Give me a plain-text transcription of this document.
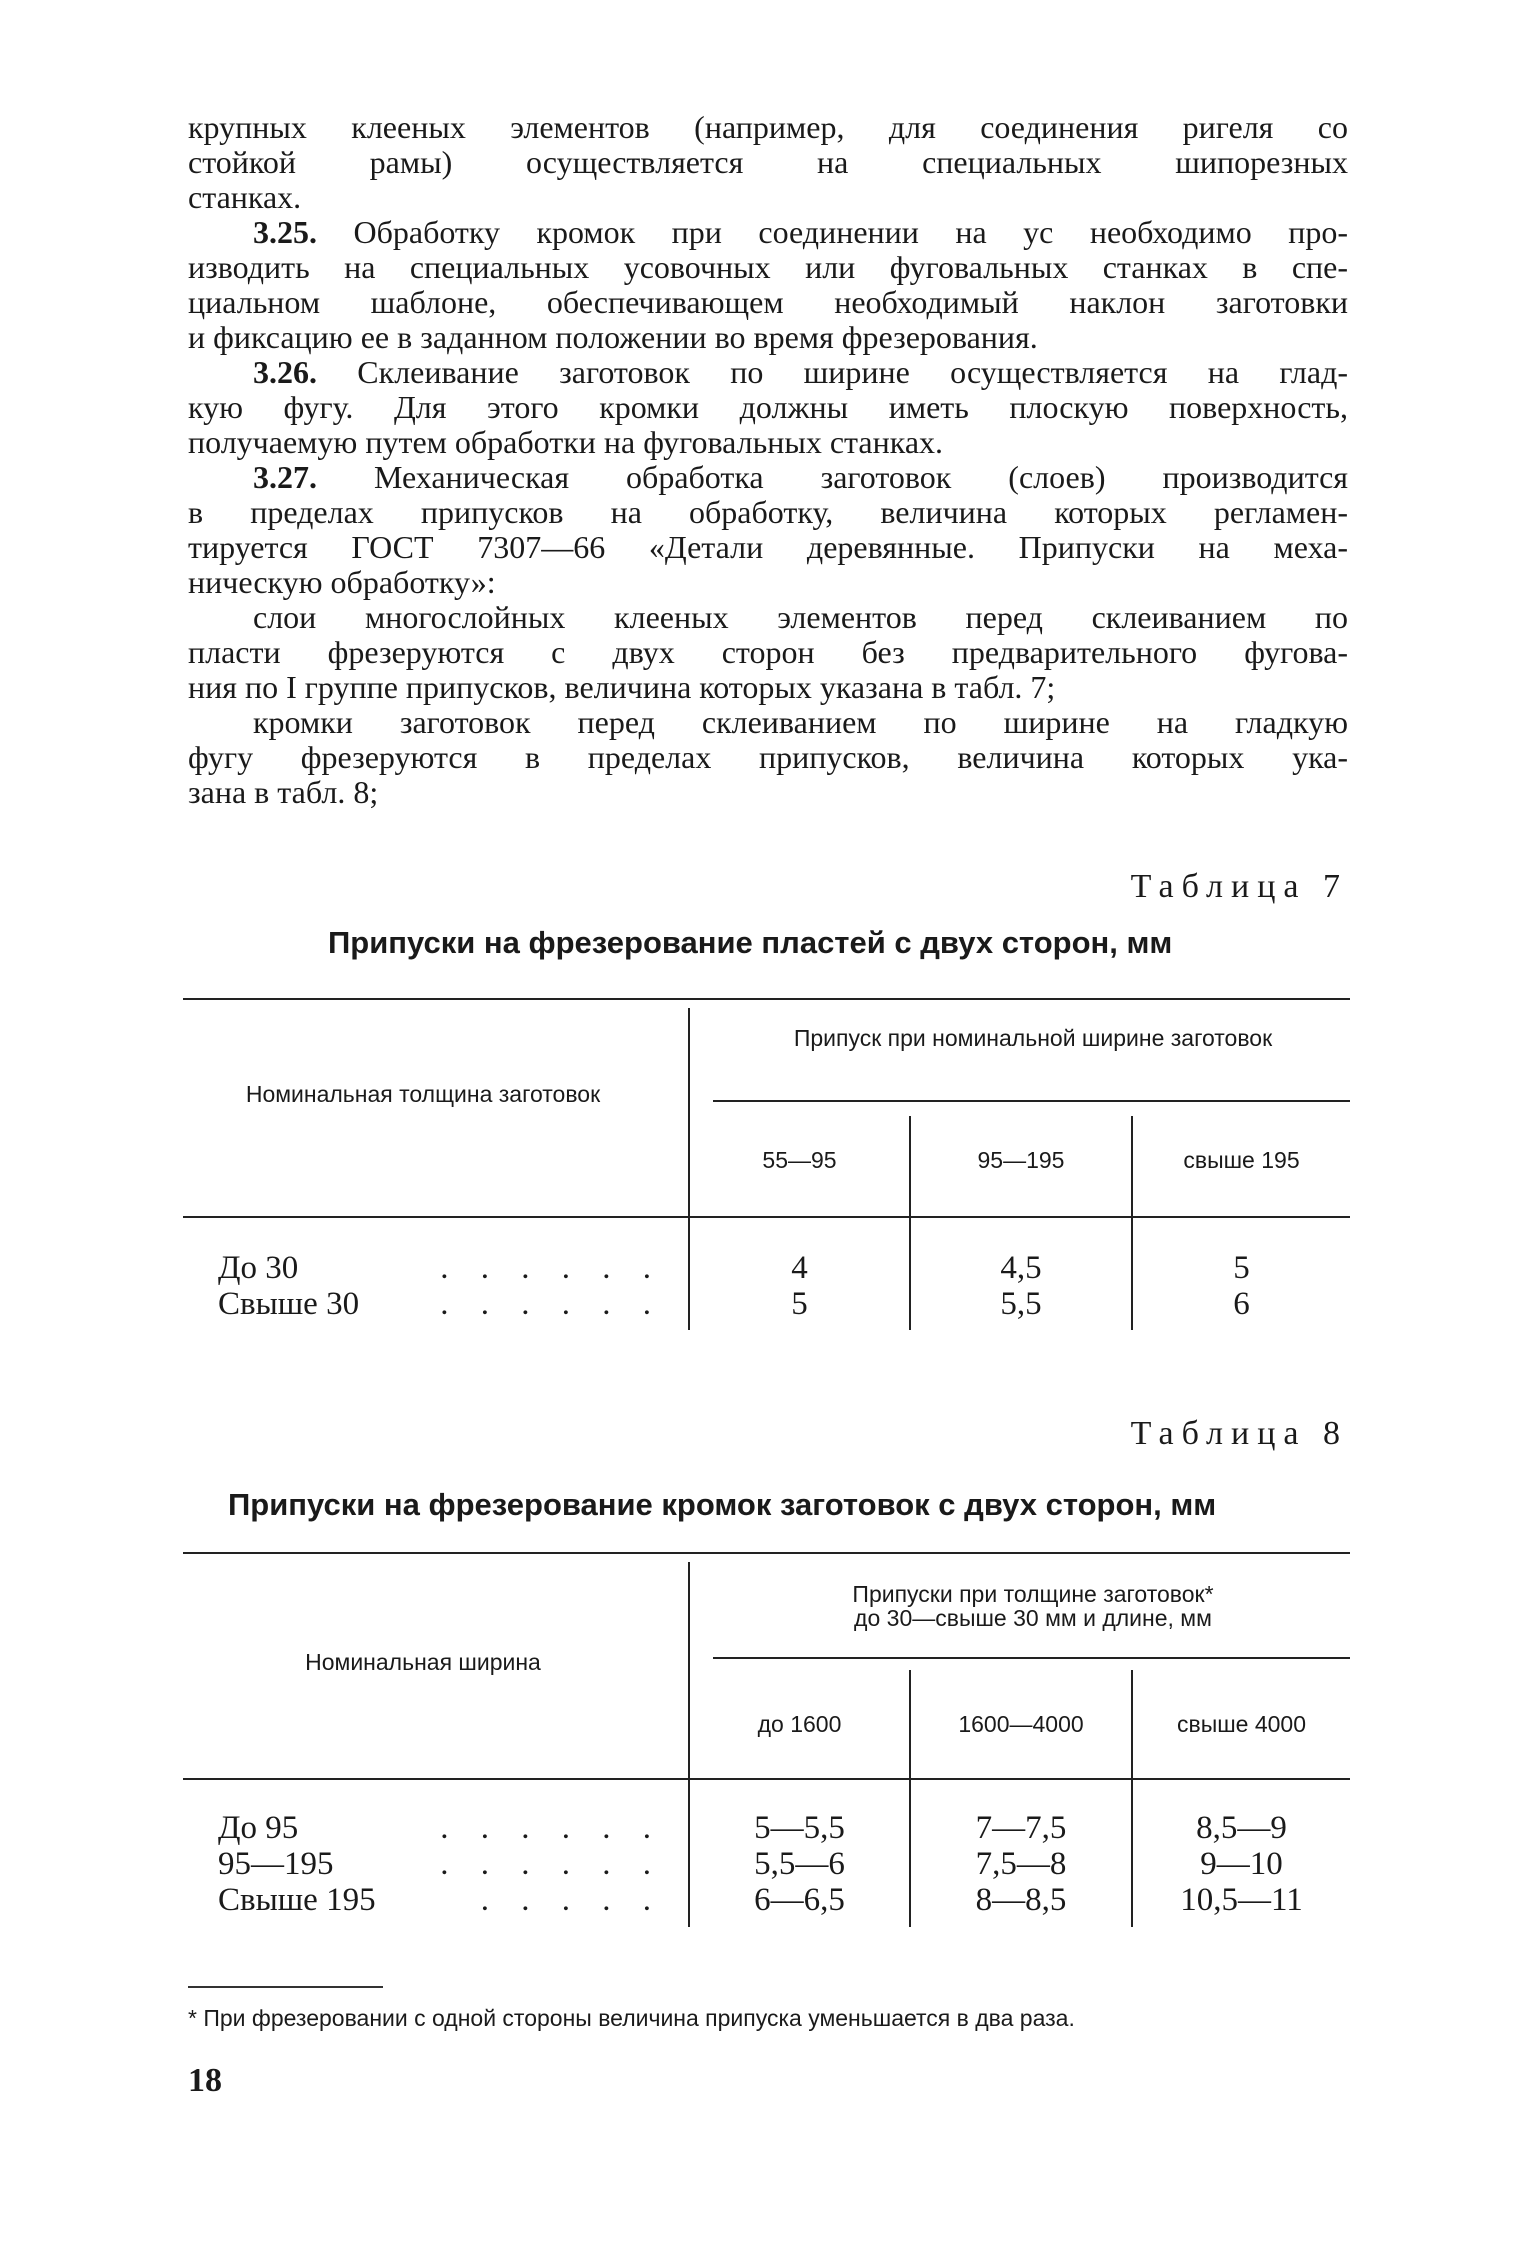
крупных клееных элементов (например, для соединения ригеля со
стойкой рамы) осуществляется на специальных шипорезных
станках.

3.25. Обработку кромок при соединении на ус необходимо про-
изводить на специальных усовочных или фуговальных станках в спе-
циальном шаблоне, обеспечивающем необходимый наклон заготовки
и фиксацию ее в заданном положении во время фрезерования.

3.26. Склеивание заготовок по ширине осуществляется на глад-
кую фугу. Для этого кромки должны иметь плоскую поверхность,
получаемую путем обработки на фуговальных станках.

3.27. Механическая обработка заготовок (слоев) производится
в пределах припусков на обработку, величина которых регламен-
тируется ГОСТ 7307—66 «Детали деревянные. Припуски на меха-
ническую обработку»:

слои многослойных клееных элементов перед склеиванием по
пласти фрезеруются с двух сторон без предварительного фугова-
ния по I группе припусков, величина которых указана в табл. 7;

кромки заготовок перед склеиванием по ширине на гладкую
фугу фрезеруются в пределах припусков, величина которых ука-
зана в табл. 8;

Таблица 7
Припуски на фрезерование пластей с двух сторон, мм
Номинальная толщина заготовок
Припуск при номинальной ширине заготовок
55—95	95—195	свыше 195
До 30	. . . . . .	4	4,5	5
Свыше 30 . . . . . .	5	5,5	6
Таблица 8
Припуски на фрезерование кромок заготовок с двух сторон, мм
Номинальная ширина
Припуски при толщине заготовок*
до 30—свыше 30 мм и длине, мм
до 1600	1600—4000	свыше 4000
До 95	. . . . . .	5—5,5	7—7,5	8,5—9
95—195	. . . . . .	5,5—6	7,5—8	9—10
Свыше 195	. . . . .	6—6,5	8—8,5	10,5—11
* При фрезеровании с одной стороны величина припуска уменьшается в два раза.
18
